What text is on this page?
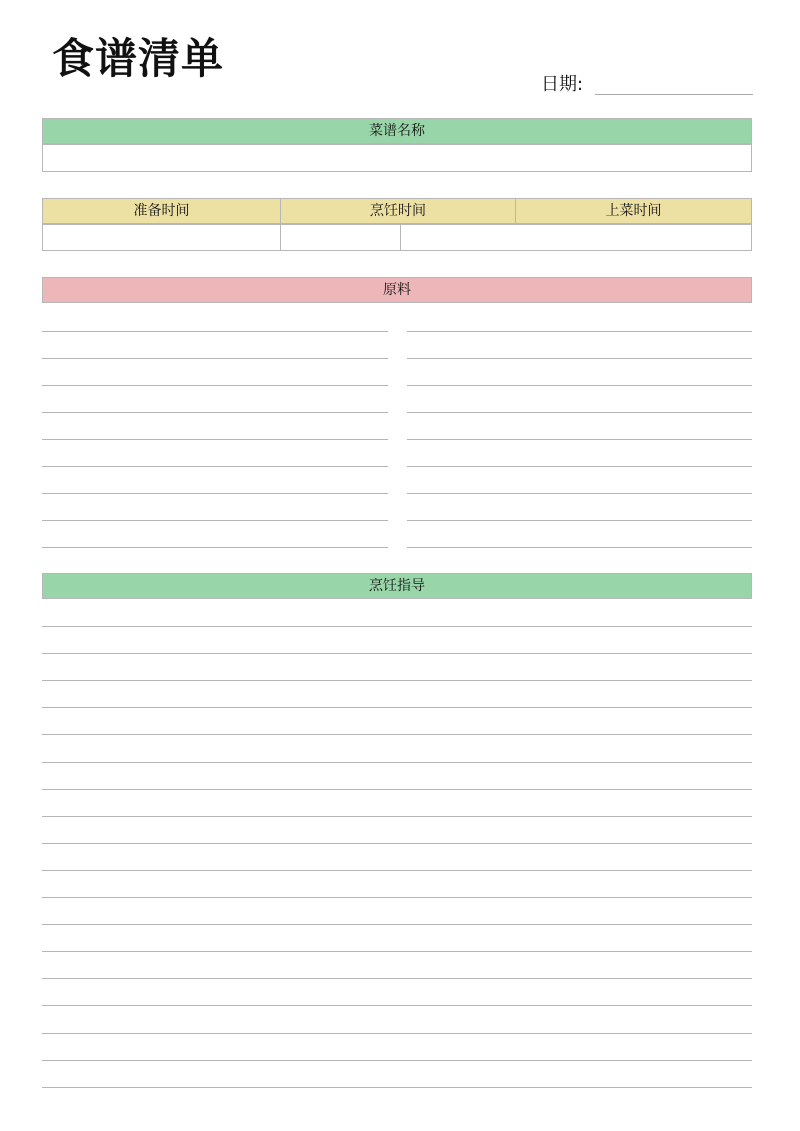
食谱清单
日期:
菜谱名称
准备时间	烹饪时间	上菜时间
原料
烹饪指导
